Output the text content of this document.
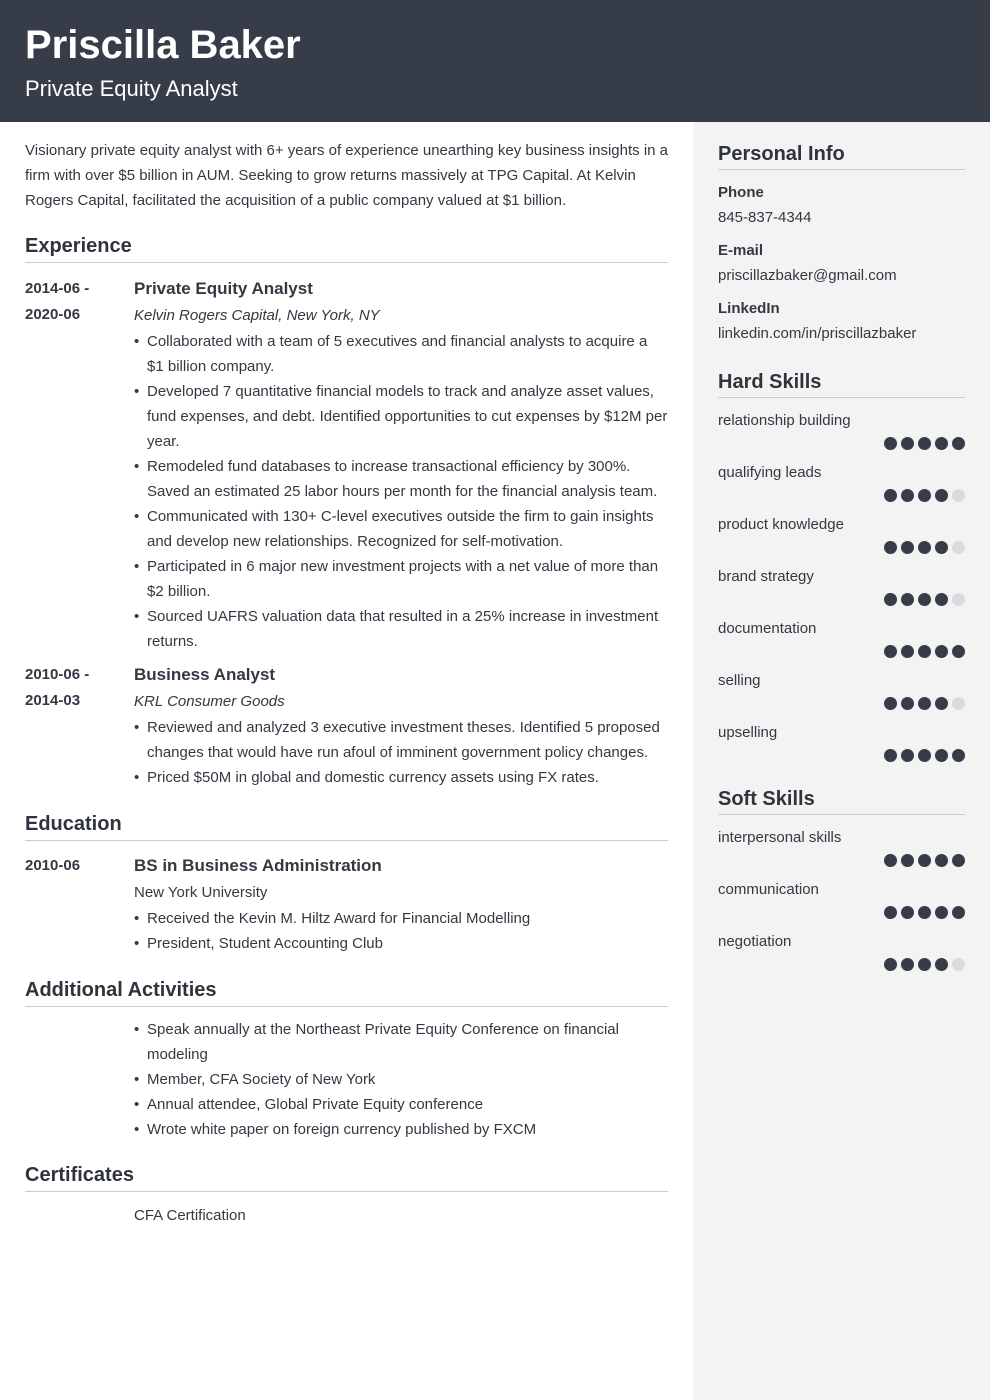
Priscilla Baker
Private Equity Analyst

Visionary private equity analyst with 6+ years of experience unearthing key business insights in a firm with over $5 billion in AUM. Seeking to grow returns massively at TPG Capital. At Kelvin Rogers Capital, facilitated the acquisition of a public company valued at $1 billion.

Experience
2014-06 -
2020-06
Private Equity Analyst
Kelvin Rogers Capital, New York, NY
• Collaborated with a team of 5 executives and financial analysts to acquire a $1 billion company.
• Developed 7 quantitative financial models to track and analyze asset values, fund expenses, and debt. Identified opportunities to cut expenses by $12M per year.
• Remodeled fund databases to increase transactional efficiency by 300%. Saved an estimated 25 labor hours per month for the financial analysis team.
• Communicated with 130+ C-level executives outside the firm to gain insights and develop new relationships. Recognized for self-motivation.
• Participated in 6 major new investment projects with a net value of more than $2 billion.
• Sourced UAFRS valuation data that resulted in a 25% increase in investment returns.
2010-06 -
2014-03
Business Analyst
KRL Consumer Goods
• Reviewed and analyzed 3 executive investment theses. Identified 5 proposed changes that would have run afoul of imminent government policy changes.
• Priced $50M in global and domestic currency assets using FX rates.
Education
2010-06	BS in Business Administration
New York University
• Received the Kevin M. Hiltz Award for Financial Modelling
• President, Student Accounting Club
Additional Activities
• Speak annually at the Northeast Private Equity Conference on financial modeling
• Member, CFA Society of New York
• Annual attendee, Global Private Equity conference
• Wrote white paper on foreign currency published by FXCM
Certificates
CFA Certification
Personal Info
Phone
845-837-4344
E-mail
priscillazbaker@gmail.com
LinkedIn
linkedin.com/in/priscillazbaker
Hard Skills
relationship building
qualifying leads
product knowledge
brand strategy
documentation
selling
upselling
Soft Skills
interpersonal skills
communication
negotiation
